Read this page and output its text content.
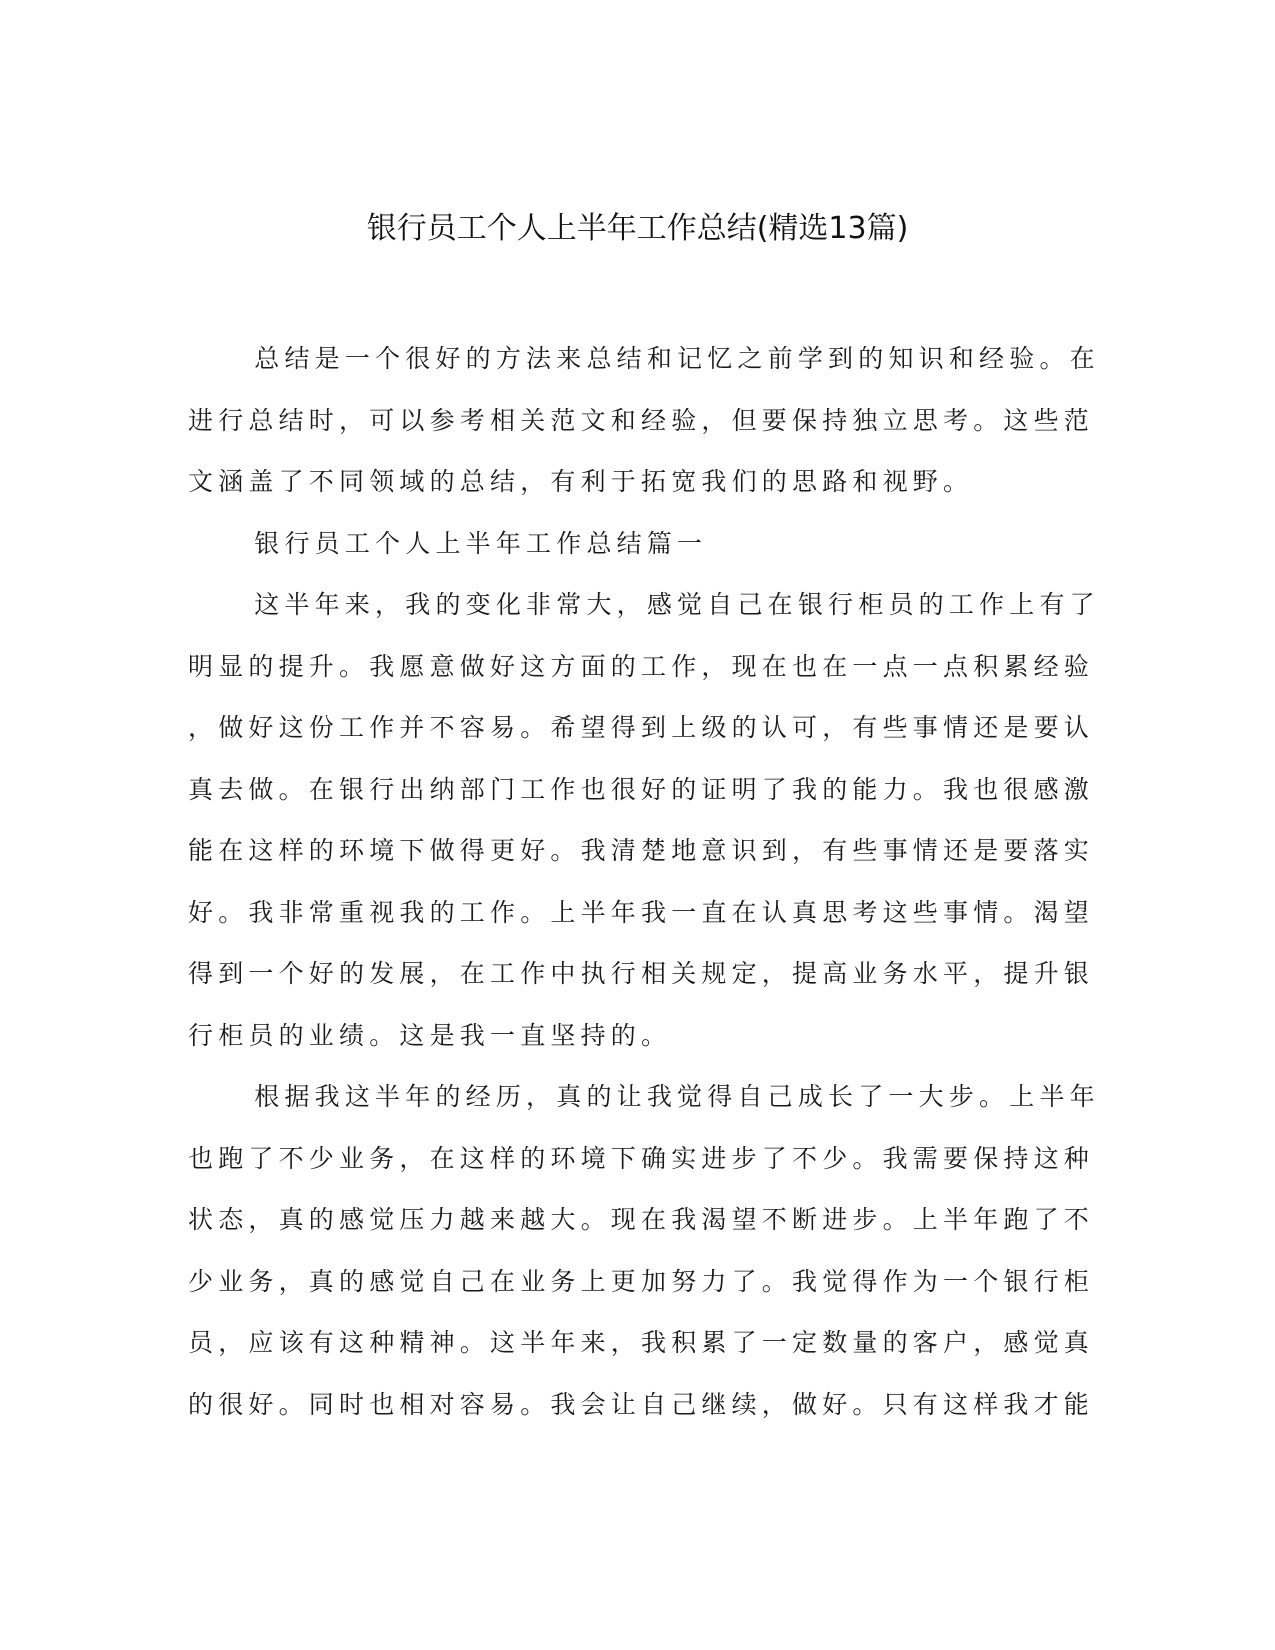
银行员工个人上半年工作总结(精选13篇)

总结是一个很好的方法来总结和记忆之前学到的知识和经验。在
进行总结时，可以参考相关范文和经验，但要保持独立思考。这些范
文涵盖了不同领域的总结，有利于拓宽我们的思路和视野。

银行员工个人上半年工作总结篇一

这半年来，我的变化非常大，感觉自己在银行柜员的工作上有了
明显的提升。我愿意做好这方面的工作，现在也在一点一点积累经验
，做好这份工作并不容易。希望得到上级的认可，有些事情还是要认
真去做。在银行出纳部门工作也很好的证明了我的能力。我也很感激
能在这样的环境下做得更好。我清楚地意识到，有些事情还是要落实
好。我非常重视我的工作。上半年我一直在认真思考这些事情。渴望
得到一个好的发展，在工作中执行相关规定，提高业务水平，提升银
行柜员的业绩。这是我一直坚持的。

根据我这半年的经历，真的让我觉得自己成长了一大步。上半年
也跑了不少业务，在这样的环境下确实进步了不少。我需要保持这种
状态，真的感觉压力越来越大。现在我渴望不断进步。上半年跑了不
少业务，真的感觉自己在业务上更加努力了。我觉得作为一个银行柜
员，应该有这种精神。这半年来，我积累了一定数量的客户，感觉真
的很好。同时也相对容易。我会让自己继续，做好。只有这样我才能
